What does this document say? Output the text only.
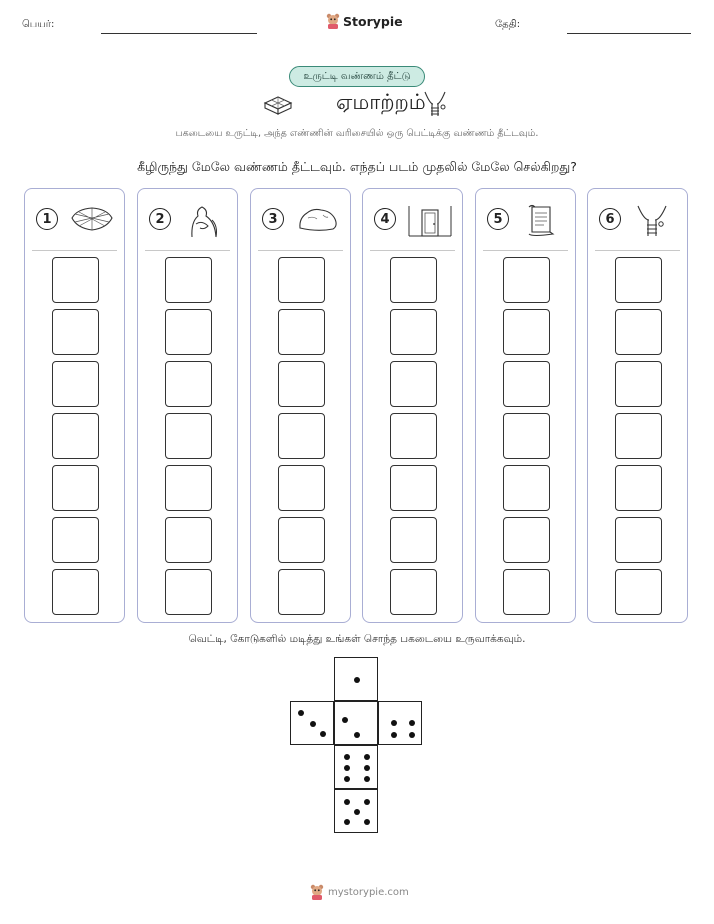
பெயர்:	Storypie	தேதி:
உருட்டி வண்ணம் தீட்டு
ஏமாற்றம்
பகடையை உருட்டி, அந்த எண்ணின் வரிசையில் ஒரு பெட்டிக்கு வண்ணம் தீட்டவும்.
கீழிருந்து மேலே வண்ணம் தீட்டவும். எந்தப் படம் முதலில் மேலே செல்கிறது?
1	2	3	4	5	6
வெட்டி, கோடுகளில் மடித்து உங்கள் சொந்த பகடையை உருவாக்கவும்.
mystorypie.com
